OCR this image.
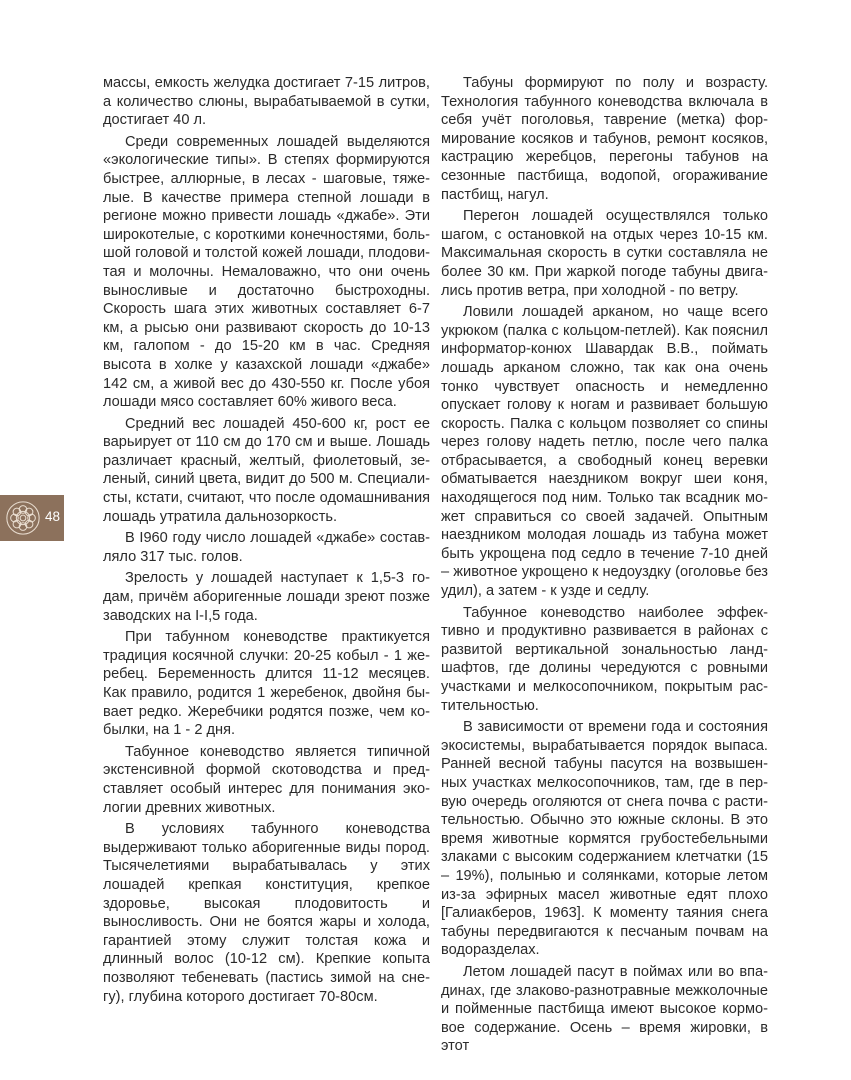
массы, емкость желудка достигает 7-15 литров, а количество слюны, вырабатываемой в сутки, достигает 40 л.

Среди современных лошадей выделяются «экологические типы». В степях формируются быстрее, аллюрные, в лесах - шаговые, тяжелые. В качестве примера степной лошади в регионе можно привести лошадь «джабе». Эти широкотелые, с короткими конечностями, большой головой и толстой кожей лошади, плодовитая и молочны. Немаловажно, что они очень выносливые и достаточно быстроходны. Скорость шага этих животных составляет 6-7 км, а рысью они развивают скорость до 10-13 км, галопом - до 15-20 км в час. Средняя высота в холке у казахской лошади «джабе» 142 см, а живой вес до 430-550 кг. После убоя лошади мясо составляет 60% живого веса.

Средний вес лошадей 450-600 кг, рост ее варьирует от 110 см до 170 см и выше. Лошадь различает красный, желтый, фиолетовый, зеленый, синий цвета, видит до 500 м. Специалисты, кстати, считают, что после одомашнивания лошадь утратила дальнозоркость.

В I960 году число лошадей «джабе» составляло 317 тыс. голов.

Зрелость у лошадей наступает к 1,5-3 годам, причём аборигенные лошади зреют позже заводских на I-I,5 года.

При табунном коневодстве практикуется традиция косячной случки: 20-25 кобыл - 1 жеребец. Беременность длится 11-12 месяцев. Как правило, родится 1 жеребенок, двойня бывает редко. Жеребчики родятся позже, чем кобылки, на 1 - 2 дня.

Табунное коневодство является типичной экстенсивной формой скотоводства и представляет особый интерес для понимания экологии древних животных.

В условиях табунного коневодства выдерживают только аборигенные виды пород. Тысячелетиями вырабатывалась у этих лошадей крепкая конституция, крепкое здоровье, высокая плодовитость и выносливость. Они не боятся жары и холода, гарантией этому служит толстая кожа и длинный волос (10-12 см). Крепкие копыта позволяют тебеневать (пастись зимой на снегу), глубина которого достигает 70-80см.

Табуны формируют по полу и возрасту. Технология табунного коневодства включала в себя учёт поголовья, таврение (метка) формирование косяков и табунов, ремонт косяков, кастрацию жеребцов, перегоны табунов на сезонные пастбища, водопой, огораживание пастбищ, нагул.

Перегон лошадей осуществлялся только шагом, с остановкой на отдых через 10-15 км. Максимальная скорость в сутки составляла не более 30 км. При жаркой погоде табуны двигались против ветра, при холодной - по ветру.

Ловили лошадей арканом, но чаще всего укрюком (палка с кольцом-петлей). Как пояснил информатор-конюх Шавардак В.В., поймать лошадь арканом сложно, так как она очень тонко чувствует опасность и немедленно опускает голову к ногам и развивает большую скорость. Палка с кольцом позволяет со спины через голову надеть петлю, после чего палка отбрасывается, а свободный конец веревки обматывается наездником вокруг шеи коня, находящегося под ним. Только так всадник может справиться со своей задачей. Опытным наездником молодая лошадь из табуна может быть укрощена под седло в течение 7-10 дней – животное укрощено к недоуздку (оголовье без удил), а затем - к узде и седлу.

Табунное коневодство наиболее эффективно и продуктивно развивается в районах с развитой вертикальной зональностью ландшафтов, где долины чередуются с ровными участками и мелкосопочником, покрытым растительностью.

В зависимости от времени года и состояния экосистемы, вырабатывается порядок выпаса. Ранней весной табуны пасутся на возвышенных участках мелкосопочников, там, где в первую очередь оголяются от снега почва с растительностью. Обычно это южные склоны. В это время животные кормятся грубостебельными злаками с высоким содержанием клетчатки (15 – 19%), полынью и солянками, которые летом из-за эфирных масел животные едят плохо [Галиакберов, 1963]. К моменту таяния снега табуны передвигаются к песчаным почвам на водоразделах.

Летом лошадей пасут в поймах или во впадинах, где злаково-разнотравные межколочные и пойменные пастбища имеют высокое кормовое содержание. Осень – время жировки, в этот

48
